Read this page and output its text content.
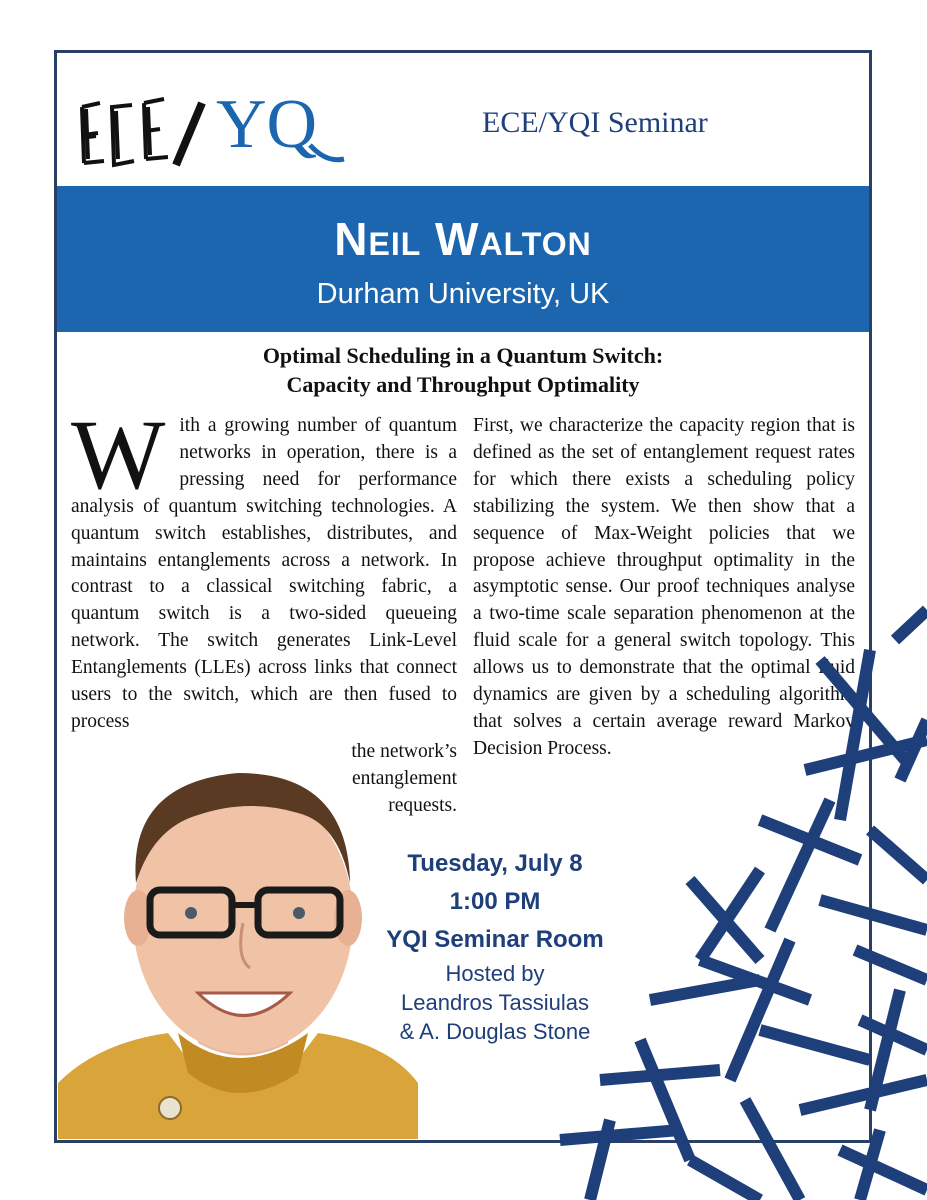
YQ	ECE/YQI Seminar
Neil Walton
Durham University, UK
Optimal Scheduling in a Quantum Switch:
Capacity and Throughput Optimality
W ith a growing number of quantum networks in operation, there is a pressing need for performance analysis of quantum switching technologies. A quantum switch establishes, distributes, and maintains entanglements across a network. In contrast to a classical switching fabric, a quantum switch is a two-sided queueing network. The switch generates Link-Level Entanglements (LLEs) across links that connect users to the switch, which are then fused to process

First, we characterize the capacity region that is defined as the set of entanglement request rates for which there exists a scheduling policy stabilizing the system. We then show that a sequence of Max-Weight policies that we propose achieve throughput optimality in the asymptotic sense. Our proof techniques analyse a two-time scale separation phenomenon at the fluid scale for a general switch topology. This allows us to demonstrate that the optimal fluid dynamics are given by a scheduling algorithm that solves a certain average reward Markov Decision Process.

the network’s entanglement requests.
Tuesday, July 8
1:00 PM
YQI Seminar Room
Hosted by
Leandros Tassiulas
& A. Douglas Stone
